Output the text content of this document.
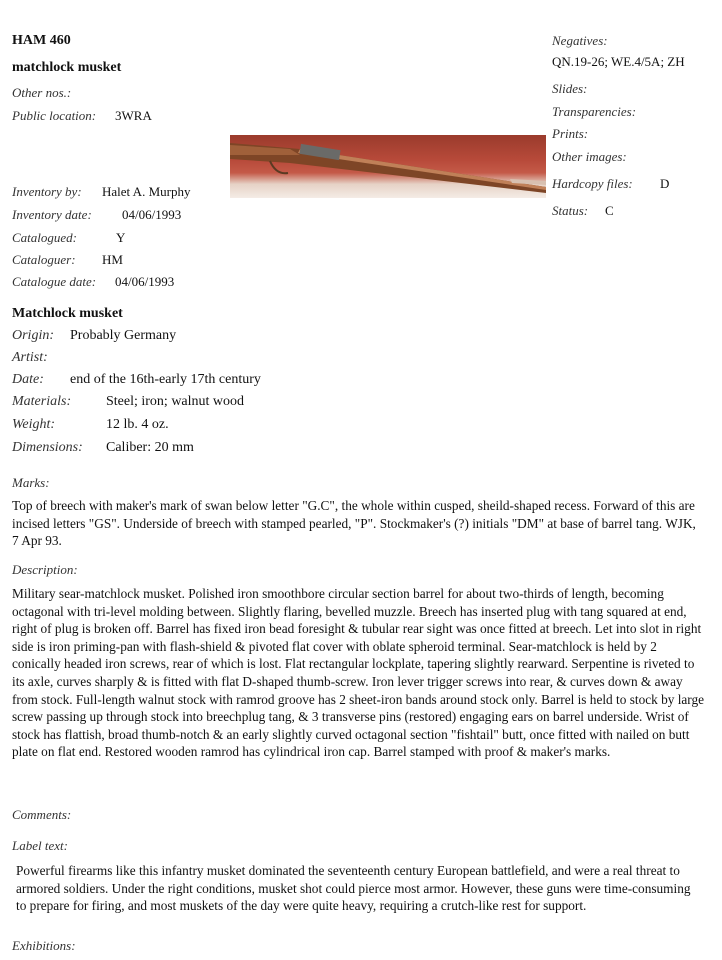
HAM 460
matchlock musket
Other nos.:
Public location: 3WRA
Negatives:
QN.19-26; WE.4/5A; ZH
Slides:
Transparencies:
Prints:
Other images:
Hardcopy files: D
Status: C
Inventory by: Halet A. Murphy
Inventory date: 04/06/1993
Catalogued:	Y
Cataloguer: HM
Catalogue date: 04/06/1993
Matchlock musket
Origin: Probably Germany
Artist:
Date: end of the 16th-early 17th century
Materials: Steel; iron; walnut wood
Weight:	12 lb. 4 oz.
Dimensions: Caliber: 20 mm
Marks:
Top of breech with maker's mark of swan below letter "G.C", the whole within cusped, sheild-shaped recess. Forward of this are incised letters "GS". Underside of breech with stamped pearled, "P". Stockmaker's (?) initials "DM" at base of barrel tang. WJK, 7 Apr 93.
Description:
Military sear-matchlock musket. Polished iron smoothbore circular section barrel for about two-thirds of length, becoming octagonal with tri-level molding between. Slightly flaring, bevelled muzzle. Breech has inserted plug with tang squared at end, right of plug is broken off. Barrel has fixed iron bead foresight & tubular rear sight was once fitted at breech. Let into slot in right side is iron priming-pan with flash-shield & pivoted flat cover with oblate spheroid terminal. Sear-matchlock is held by 2 conically headed iron screws, rear of which is lost. Flat rectangular lockplate, tapering slightly rearward. Serpentine is riveted to its axle, curves sharply & is fitted with flat D-shaped thumb-screw. Iron lever trigger screws into rear, & curves down & away from stock. Full-length walnut stock with ramrod groove has 2 sheet-iron bands around stock only. Barrel is held to stock by large screw passing up through stock into breechplug tang, & 3 transverse pins (restored) engaging ears on barrel underside. Wrist of stock has flattish, broad thumb-notch & an early slightly curved octagonal section "fishtail" butt, once fitted with nailed on butt plate on flat end. Restored wooden ramrod has cylindrical iron cap. Barrel stamped with proof & maker's marks.
Comments:
Label text:
Powerful firearms like this infantry musket dominated the seventeenth century European battlefield, and were a real threat to armored soldiers. Under the right conditions, musket shot could pierce most armor. However, these guns were time-consuming to prepare for firing, and most muskets of the day were quite heavy, requiring a crutch-like rest for support.
Exhibitions:
